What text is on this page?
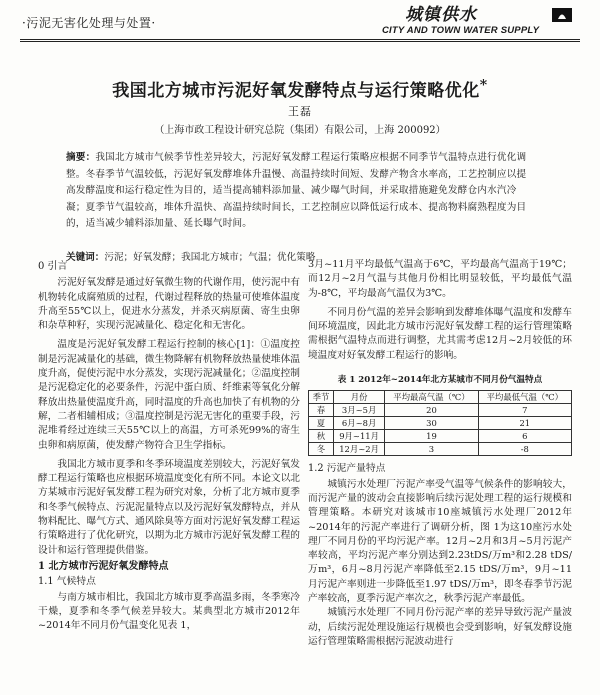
·污泥无害化处理与处置·	城镇供水
CITY AND TOWN WATER SUPPLY
我国北方城市污泥好氧发酵特点与运行策略优化*
王磊
（上海市政工程设计研究总院（集团）有限公司，上海 200092）
摘要：我国北方城市气候季节性差异较大，污泥好氧发酵工程运行策略应根据不同季节气温特点进行优化调整。冬春季节气温较低，污泥好氧发酵堆体升温慢、高温持续时间短、发酵产物含水率高，工艺控制应以提高发酵温度和运行稳定性为目的，适当提高辅料添加量、减少曝气时间，并采取措施避免发酵仓内水汽冷凝；夏季节气温较高，堆体升温快、高温持续时间长，工艺控制应以降低运行成本、提高物料腐熟程度为目的，适当减少辅料添加量、延长曝气时间。
关键词：污泥；好氧发酵；我国北方城市；气温；优化策略
0 引言

污泥好氧发酵是通过好氧微生物的代谢作用，使污泥中有机物转化成腐殖质的过程，代谢过程释放的热量可使堆体温度升高至55℃以上，促进水分蒸发，并杀灭病原菌、寄生虫卵和杂草种籽，实现污泥减量化、稳定化和无害化。

温度是污泥好氧发酵工程运行控制的核心[1]：①温度控制是污泥减量化的基础，微生物降解有机物释放热量使堆体温度升高，促使污泥中水分蒸发，实现污泥减量化；②温度控制是污泥稳定化的必要条件，污泥中蛋白质、纤维素等氧化分解释放出热量使温度升高，同时温度的升高也加快了有机物的分解，二者相辅相成；③温度控制是污泥无害化的重要手段，污泥堆肴经过连续三天55℃以上的高温，方可杀死99%的寄生虫卵和病原菌，使发酵产物符合卫生学指标。

我国北方城市夏季和冬季环境温度差别较大，污泥好氧发酵工程运行策略也应根据环境温度变化有所不同。本论文以北方某城市污泥好氧发酵工程为研究对象，分析了北方城市夏季和冬季气候特点、污泥泥量特点以及污泥好氧发酵特点，并从物料配比、曝气方式、通风除臭等方面对污泥好氧发酵工程运行策略进行了优化研究，以期为北方城市污泥好氧发酵工程的设计和运行管理提供借鉴。

1 北方城市污泥好氧发酵特点
1.1 气候特点

与南方城市相比，我国北方城市夏季高温多雨，冬季寒冷干燥，夏季和冬季气候差异较大。某典型北方城市2012年~2014年不同月份气温变化见表 1，

3月~11月平均最低气温高于6℃，平均最高气温高于19℃；而12月~2月气温与其他月份相比明显较低，平均最低气温为-8℃，平均最高气温仅为3℃。

不同月份气温的差异会影响到发酵堆体曝气温度和发酵车间环境温度，因此北方城市污泥好氧发酵工程的运行管理策略需根据气温特点而进行调整，尤其需考虑12月~2月较低的环境温度对好氧发酵工程运行的影响。

表 1 2012年~2014年北方某城市不同月份气温特点
季节	月份	平均最高气温（℃）	平均最低气温（℃）
春	3月~5月	20	7
夏	6月~8月	30	21
秋	9月~11月	19	6
冬	12月~2月	3	-8
1.2 污泥产量特点

城镇污水处理厂污泥产率受气温等气候条件的影响较大，而污泥产量的波动会直接影响后续污泥处理工程的运行规模和管理策略。本研究对该城市10座城镇污水处理厂2012年~2014年的污泥产率进行了调研分析，图 1为这10座污水处理厂不同月份的平均污泥产率。12月~2月和3月~5月污泥产率较高，平均污泥产率分别达到2.23tDS/万m³和2.28 tDS/万m³，6月~8月污泥产率降低至2.15 tDS/万m³，9月~11月污泥产率则进一步降低至1.97 tDS/万m³，即冬春季节污泥产率较高，夏季污泥产率次之，秋季污泥产率最低。

城镇污水处理厂不同月份污泥产率的差异导致污泥产量波动，后续污泥处理设施运行规模也会受到影响，好氧发酵设施运行管理策略需根据污泥波动进行
